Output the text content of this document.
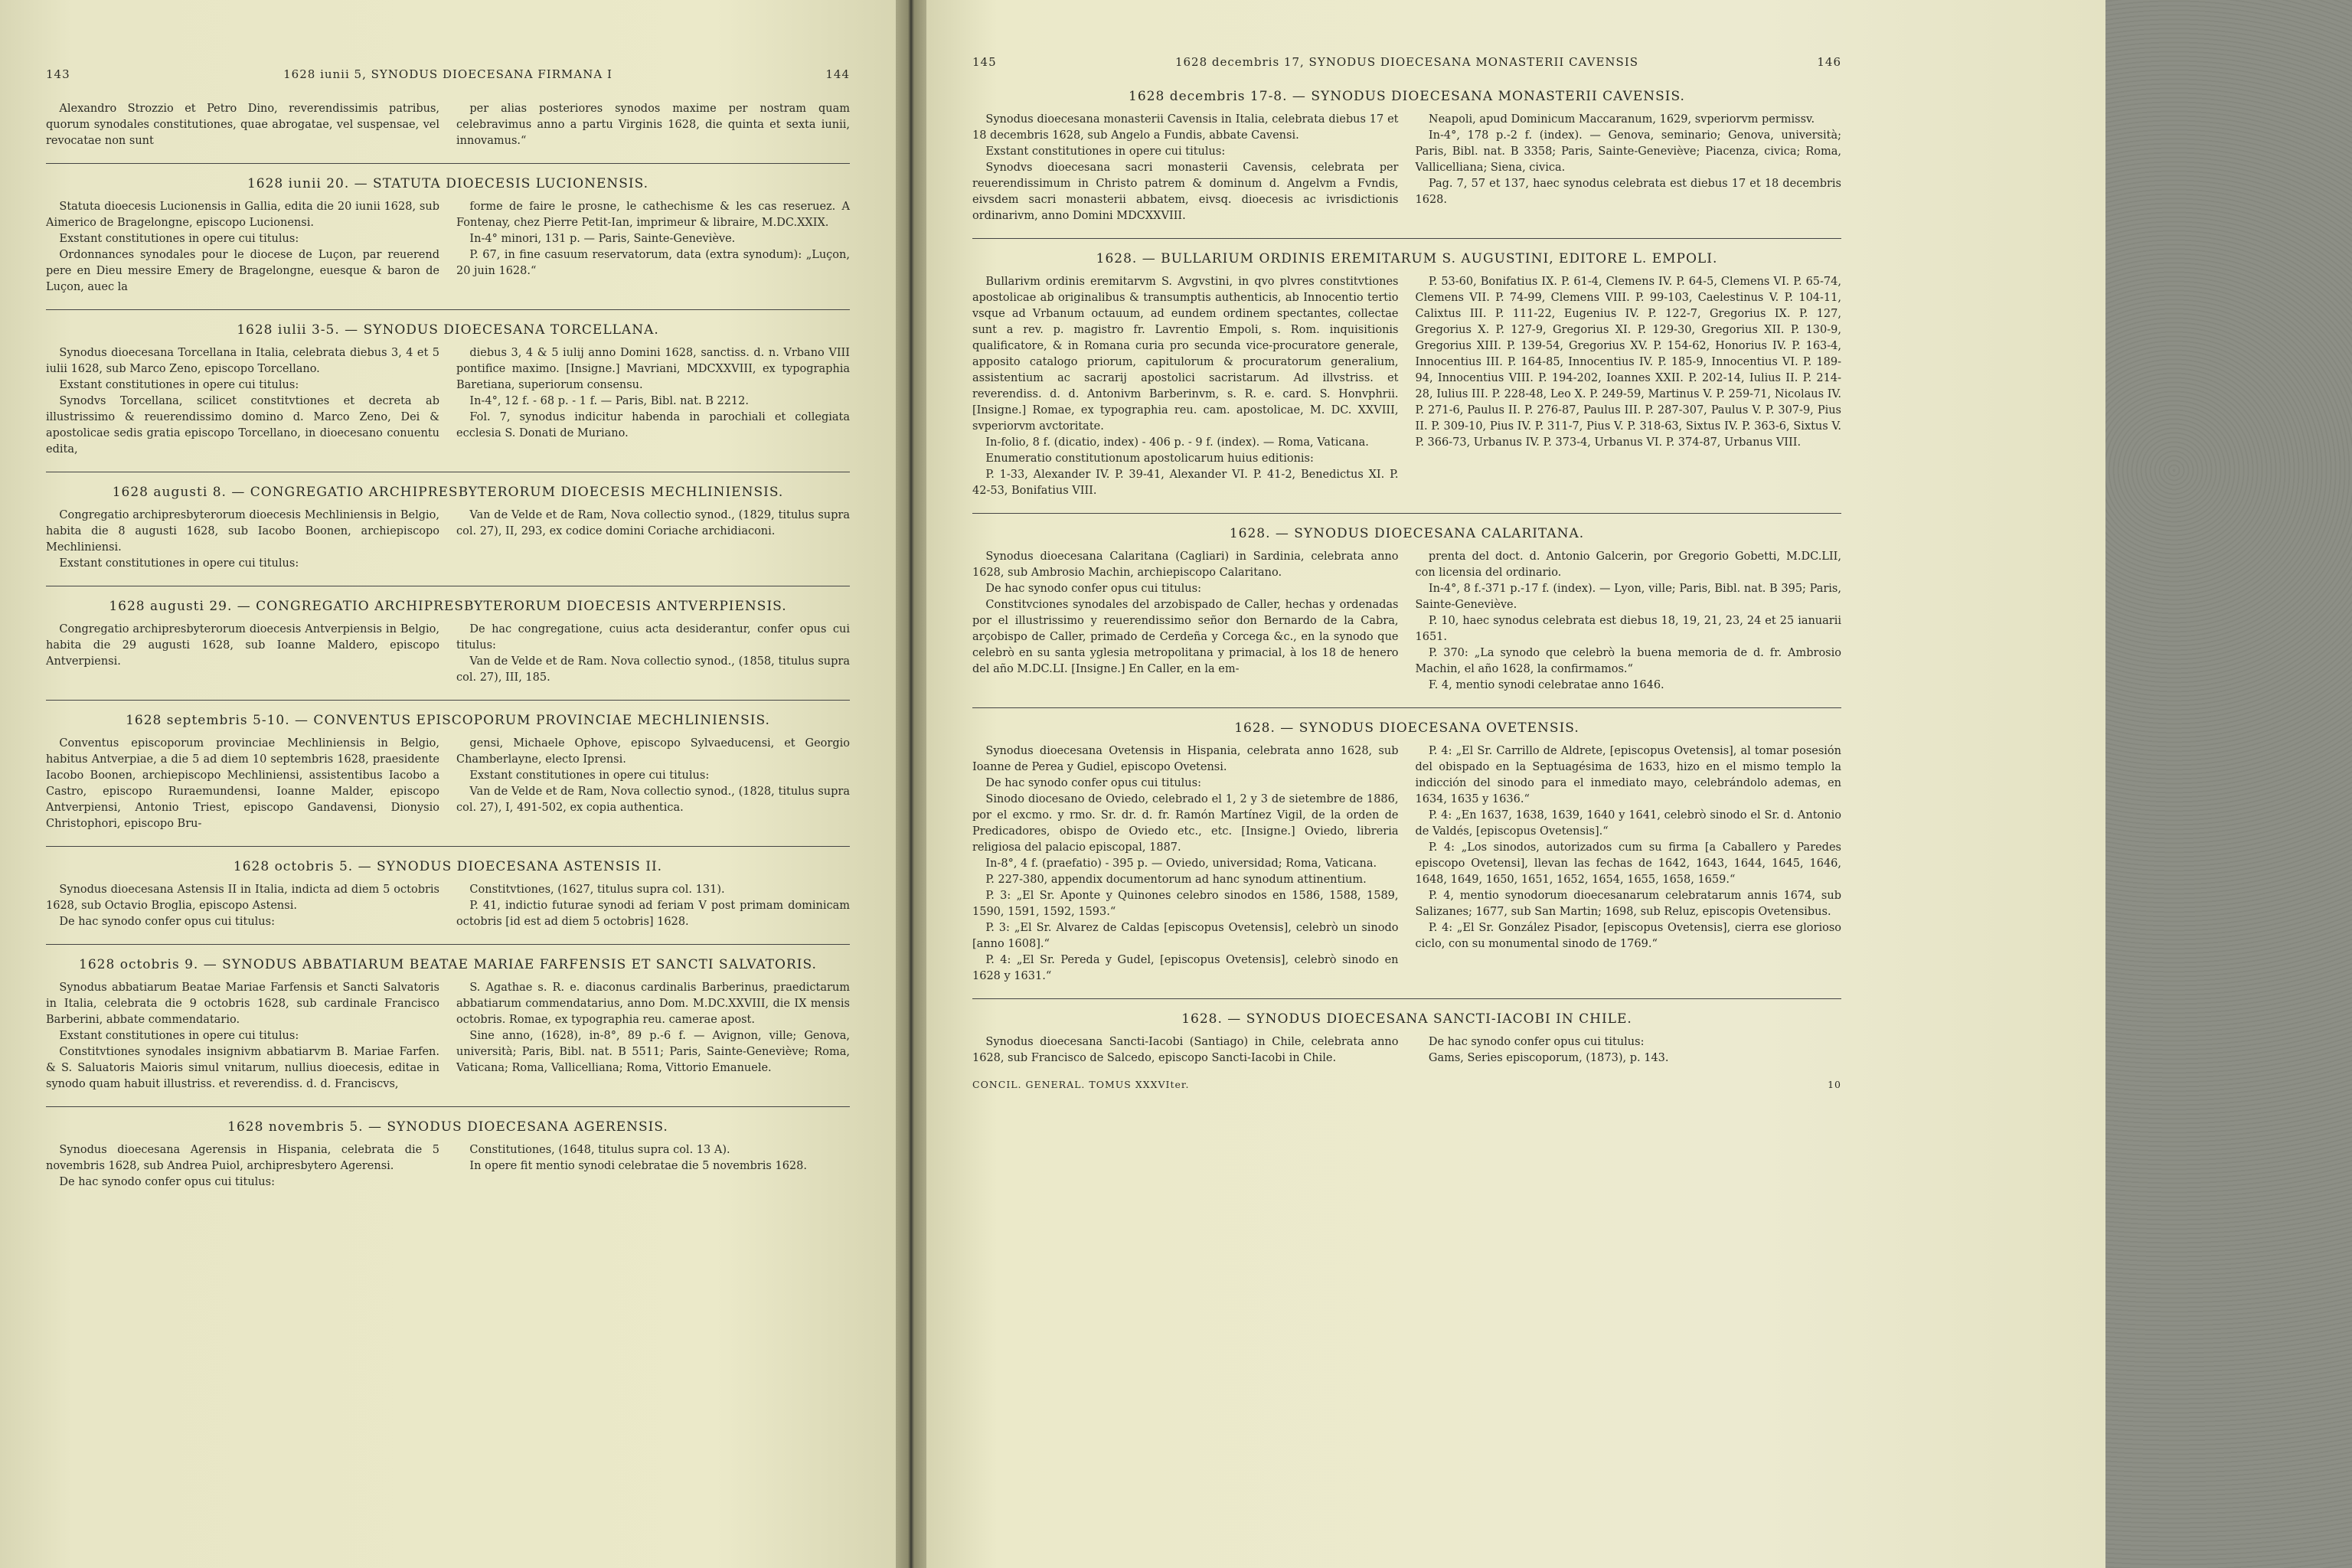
143	1628 iunii 5, SYNODUS DIOECESANA FIRMANA I	144

Alexandro Strozzio et Petro Dino, reverendissimis patribus, quorum synodales constitutiones, quae abrogatae, vel suspensae, vel revocatae non sunt

per alias posteriores synodos maxime per nostram quam celebravimus anno a partu Virginis 1628, die quinta et sexta iunii, innovamus.“

1628 iunii 20. — STATUTA DIOECESIS LUCIONENSIS.

Statuta dioecesis Lucionensis in Gallia, edita die 20 iunii 1628, sub Aimerico de Bragelongne, episcopo Lucionensi.

Exstant constitutiones in opere cui titulus:

Ordonnances synodales pour le diocese de Luçon, par reuerend pere en Dieu messire Emery de Bragelongne, euesque & baron de Luçon, auec la

forme de faire le prosne, le cathechisme & les cas reseruez. A Fontenay, chez Pierre Petit-Ian, imprimeur & libraire, M.DC.XXIX.

In-4° minori, 131 p. — Paris, Sainte-Geneviève.

P. 67, in fine casuum reservatorum, data (extra synodum): „Luçon, 20 juin 1628.“

1628 iulii 3-5. — SYNODUS DIOECESANA TORCELLANA.

Synodus dioecesana Torcellana in Italia, celebrata diebus 3, 4 et 5 iulii 1628, sub Marco Zeno, episcopo Torcellano.

Exstant constitutiones in opere cui titulus:

Synodvs Torcellana, scilicet constitvtiones et decreta ab illustrissimo & reuerendissimo domino d. Marco Zeno, Dei & apostolicae sedis gratia episcopo Torcellano, in dioecesano conuentu edita,

diebus 3, 4 & 5 iulij anno Domini 1628, sanctiss. d. n. Vrbano VIII pontifice maximo. [Insigne.] Mavriani, MDCXXVIII, ex typographia Baretiana, superiorum consensu.

In-4°, 12 f. - 68 p. - 1 f. — Paris, Bibl. nat. B 2212.

Fol. 7, synodus indicitur habenda in parochiali et collegiata ecclesia S. Donati de Muriano.

1628 augusti 8. — CONGREGATIO ARCHIPRESBYTERORUM DIOECESIS MECHLINIENSIS.

Congregatio archipresbyterorum dioecesis Mechliniensis in Belgio, habita die 8 augusti 1628, sub Iacobo Boonen, archiepiscopo Mechliniensi.

Exstant constitutiones in opere cui titulus:

Van de Velde et de Ram, Nova collectio synod., (1829, titulus supra col. 27), II, 293, ex codice domini Coriache archidiaconi.

1628 augusti 29. — CONGREGATIO ARCHIPRESBYTERORUM DIOECESIS ANTVERPIENSIS.

Congregatio archipresbyterorum dioecesis Antverpiensis in Belgio, habita die 29 augusti 1628, sub Ioanne Maldero, episcopo Antverpiensi.

De hac congregatione, cuius acta desiderantur, confer opus cui titulus:

Van de Velde et de Ram. Nova collectio synod., (1858, titulus supra col. 27), III, 185.

1628 septembris 5-10. — CONVENTUS EPISCOPORUM PROVINCIAE MECHLINIENSIS.

Conventus episcoporum provinciae Mechliniensis in Belgio, habitus Antverpiae, a die 5 ad diem 10 septembris 1628, praesidente Iacobo Boonen, archiepiscopo Mechliniensi, assistentibus Iacobo a Castro, episcopo Ruraemundensi, Ioanne Malder, episcopo Antverpiensi, Antonio Triest, episcopo Gandavensi, Dionysio Christophori, episcopo Bru-

gensi, Michaele Ophove, episcopo Sylvaeducensi, et Georgio Chamberlayne, electo Iprensi.

Exstant constitutiones in opere cui titulus:

Van de Velde et de Ram, Nova collectio synod., (1828, titulus supra col. 27), I, 491-502, ex copia authentica.

1628 octobris 5. — SYNODUS DIOECESANA ASTENSIS II.

Synodus dioecesana Astensis II in Italia, indicta ad diem 5 octobris 1628, sub Octavio Broglia, episcopo Astensi.

De hac synodo confer opus cui titulus:

Constitvtiones, (1627, titulus supra col. 131).

P. 41, indictio futurae synodi ad feriam V post primam dominicam octobris [id est ad diem 5 octobris] 1628.

1628 octobris 9. — SYNODUS ABBATIARUM BEATAE MARIAE FARFENSIS ET SANCTI SALVATORIS.

Synodus abbatiarum Beatae Mariae Farfensis et Sancti Salvatoris in Italia, celebrata die 9 octobris 1628, sub cardinale Francisco Barberini, abbate commendatario.

Exstant constitutiones in opere cui titulus:

Constitvtiones synodales insignivm abbatiarvm B. Mariae Farfen. & S. Saluatoris Maioris simul vnitarum, nullius dioecesis, editae in synodo quam habuit illustriss. et reverendiss. d. d. Franciscvs,

S. Agathae s. R. e. diaconus cardinalis Barberinus, praedictarum abbatiarum commendatarius, anno Dom. M.DC.XXVIII, die IX mensis octobris. Romae, ex typographia reu. camerae apost.

Sine anno, (1628), in-8°, 89 p.-6 f. — Avignon, ville; Genova, università; Paris, Bibl. nat. B 5511; Paris, Sainte-Geneviève; Roma, Vaticana; Roma, Vallicelliana; Roma, Vittorio Emanuele.

1628 novembris 5. — SYNODUS DIOECESANA AGERENSIS.

Synodus dioecesana Agerensis in Hispania, celebrata die 5 novembris 1628, sub Andrea Puiol, archipresbytero Agerensi.

De hac synodo confer opus cui titulus:

Constitutiones, (1648, titulus supra col. 13 A).

In opere fit mentio synodi celebratae die 5 novembris 1628.

145	1628 decembris 17, SYNODUS DIOECESANA MONASTERII CAVENSIS	146
1628 decembris 17-8. — SYNODUS DIOECESANA MONASTERII CAVENSIS.

Synodus dioecesana monasterii Cavensis in Italia, celebrata diebus 17 et 18 decembris 1628, sub Angelo a Fundis, abbate Cavensi.

Exstant constitutiones in opere cui titulus:

Synodvs dioecesana sacri monasterii Cavensis, celebrata per reuerendissimum in Christo patrem & dominum d. Angelvm a Fvndis, eivsdem sacri monasterii abbatem, eivsq. dioecesis ac ivrisdictionis ordinarivm, anno Domini MDCXXVIII.

Neapoli, apud Dominicum Maccaranum, 1629, svperiorvm permissv.

In-4°, 178 p.-2 f. (index). — Genova, seminario; Genova, università; Paris, Bibl. nat. B 3358; Paris, Sainte-Geneviève; Piacenza, civica; Roma, Vallicelliana; Siena, civica.

Pag. 7, 57 et 137, haec synodus celebrata est diebus 17 et 18 decembris 1628.

1628. — BULLARIUM ORDINIS EREMITARUM S. AUGUSTINI, EDITORE L. EMPOLI.

Bullarivm ordinis eremitarvm S. Avgvstini, in qvo plvres constitvtiones apostolicae ab originalibus & transumptis authenticis, ab Innocentio tertio vsque ad Vrbanum octauum, ad eundem ordinem spectantes, collectae sunt a rev. p. magistro fr. Lavrentio Empoli, s. Rom. inquisitionis qualificatore, & in Romana curia pro secunda vice-procuratore generale, apposito catalogo priorum, capitulorum & procuratorum generalium, assistentium ac sacrarij apostolici sacristarum. Ad illvstriss. et reverendiss. d. d. Antonivm Barberinvm, s. R. e. card. S. Honvphrii. [Insigne.] Romae, ex typographia reu. cam. apostolicae, M. DC. XXVIII, svperiorvm avctoritate.

In-folio, 8 f. (dicatio, index) - 406 p. - 9 f. (index). — Roma, Vaticana.

Enumeratio constitutionum apostolicarum huius editionis:

P. 1-33, Alexander IV. P. 39-41, Alexander VI. P. 41-2, Benedictus XI. P. 42-53, Bonifatius VIII.

P. 53-60, Bonifatius IX. P. 61-4, Clemens IV. P. 64-5, Clemens VI. P. 65-74, Clemens VII. P. 74-99, Clemens VIII. P. 99-103, Caelestinus V. P. 104-11, Calixtus III. P. 111-22, Eugenius IV. P. 122-7, Gregorius IX. P. 127, Gregorius X. P. 127-9, Gregorius XI. P. 129-30, Gregorius XII. P. 130-9, Gregorius XIII. P. 139-54, Gregorius XV. P. 154-62, Honorius IV. P. 163-4, Innocentius III. P. 164-85, Innocentius IV. P. 185-9, Innocentius VI. P. 189-94, Innocentius VIII. P. 194-202, Ioannes XXII. P. 202-14, Iulius II. P. 214-28, Iulius III. P. 228-48, Leo X. P. 249-59, Martinus V. P. 259-71, Nicolaus IV. P. 271-6, Paulus II. P. 276-87, Paulus III. P. 287-307, Paulus V. P. 307-9, Pius II. P. 309-10, Pius IV. P. 311-7, Pius V. P. 318-63, Sixtus IV. P. 363-6, Sixtus V. P. 366-73, Urbanus IV. P. 373-4, Urbanus VI. P. 374-87, Urbanus VIII.

1628. — SYNODUS DIOECESANA CALARITANA.

Synodus dioecesana Calaritana (Cagliari) in Sardinia, celebrata anno 1628, sub Ambrosio Machin, archiepiscopo Calaritano.

De hac synodo confer opus cui titulus:

Constitvciones synodales del arzobispado de Caller, hechas y ordenadas por el illustrissimo y reuerendissimo señor don Bernardo de la Cabra, arçobispo de Caller, primado de Cerdeña y Corcega &c., en la synodo que celebrò en su santa yglesia metropolitana y primacial, à los 18 de henero del año M.DC.LI. [Insigne.] En Caller, en la em-

prenta del doct. d. Antonio Galcerin, por Gregorio Gobetti, M.DC.LII, con licensia del ordinario.

In-4°, 8 f.-371 p.-17 f. (index). — Lyon, ville; Paris, Bibl. nat. B 395; Paris, Sainte-Geneviève.

P. 10, haec synodus celebrata est diebus 18, 19, 21, 23, 24 et 25 ianuarii 1651.

P. 370: „La synodo que celebrò la buena memoria de d. fr. Ambrosio Machin, el año 1628, la confirmamos.“

F. 4, mentio synodi celebratae anno 1646.

1628. — SYNODUS DIOECESANA OVETENSIS.

Synodus dioecesana Ovetensis in Hispania, celebrata anno 1628, sub Ioanne de Perea y Gudiel, episcopo Ovetensi.

De hac synodo confer opus cui titulus:

Sinodo diocesano de Oviedo, celebrado el 1, 2 y 3 de sietembre de 1886, por el excmo. y rmo. Sr. dr. d. fr. Ramón Martínez Vigil, de la orden de Predicadores, obispo de Oviedo etc., etc. [Insigne.] Oviedo, libreria religiosa del palacio episcopal, 1887.

In-8°, 4 f. (praefatio) - 395 p. — Oviedo, universidad; Roma, Vaticana.

P. 227-380, appendix documentorum ad hanc synodum attinentium.

P. 3: „El Sr. Aponte y Quinones celebro sinodos en 1586, 1588, 1589, 1590, 1591, 1592, 1593.“

P. 3: „El Sr. Alvarez de Caldas [episcopus Ovetensis], celebrò un sinodo [anno 1608].“

P. 4: „El Sr. Pereda y Gudel, [episcopus Ovetensis], celebrò sinodo en 1628 y 1631.“

P. 4: „El Sr. Carrillo de Aldrete, [episcopus Ovetensis], al tomar posesión del obispado en la Septuagésima de 1633, hizo en el mismo templo la indicción del sinodo para el inmediato mayo, celebrándolo ademas, en 1634, 1635 y 1636.“

P. 4: „En 1637, 1638, 1639, 1640 y 1641, celebrò sinodo el Sr. d. Antonio de Valdés, [episcopus Ovetensis].“

P. 4: „Los sinodos, autorizados cum su firma [a Caballero y Paredes episcopo Ovetensi], llevan las fechas de 1642, 1643, 1644, 1645, 1646, 1648, 1649, 1650, 1651, 1652, 1654, 1655, 1658, 1659.“

P. 4, mentio synodorum dioecesanarum celebratarum annis 1674, sub Salizanes; 1677, sub San Martin; 1698, sub Reluz, episcopis Ovetensibus.

P. 4: „El Sr. González Pisador, [episcopus Ovetensis], cierra ese glorioso ciclo, con su monumental sinodo de 1769.“

1628. — SYNODUS DIOECESANA SANCTI-IACOBI IN CHILE.

Synodus dioecesana Sancti-Iacobi (Santiago) in Chile, celebrata anno 1628, sub Francisco de Salcedo, episcopo Sancti-Iacobi in Chile.

De hac synodo confer opus cui titulus:

Gams, Series episcoporum, (1873), p. 143.

CONCIL. GENERAL. TOMUS XXXVIter.	10
